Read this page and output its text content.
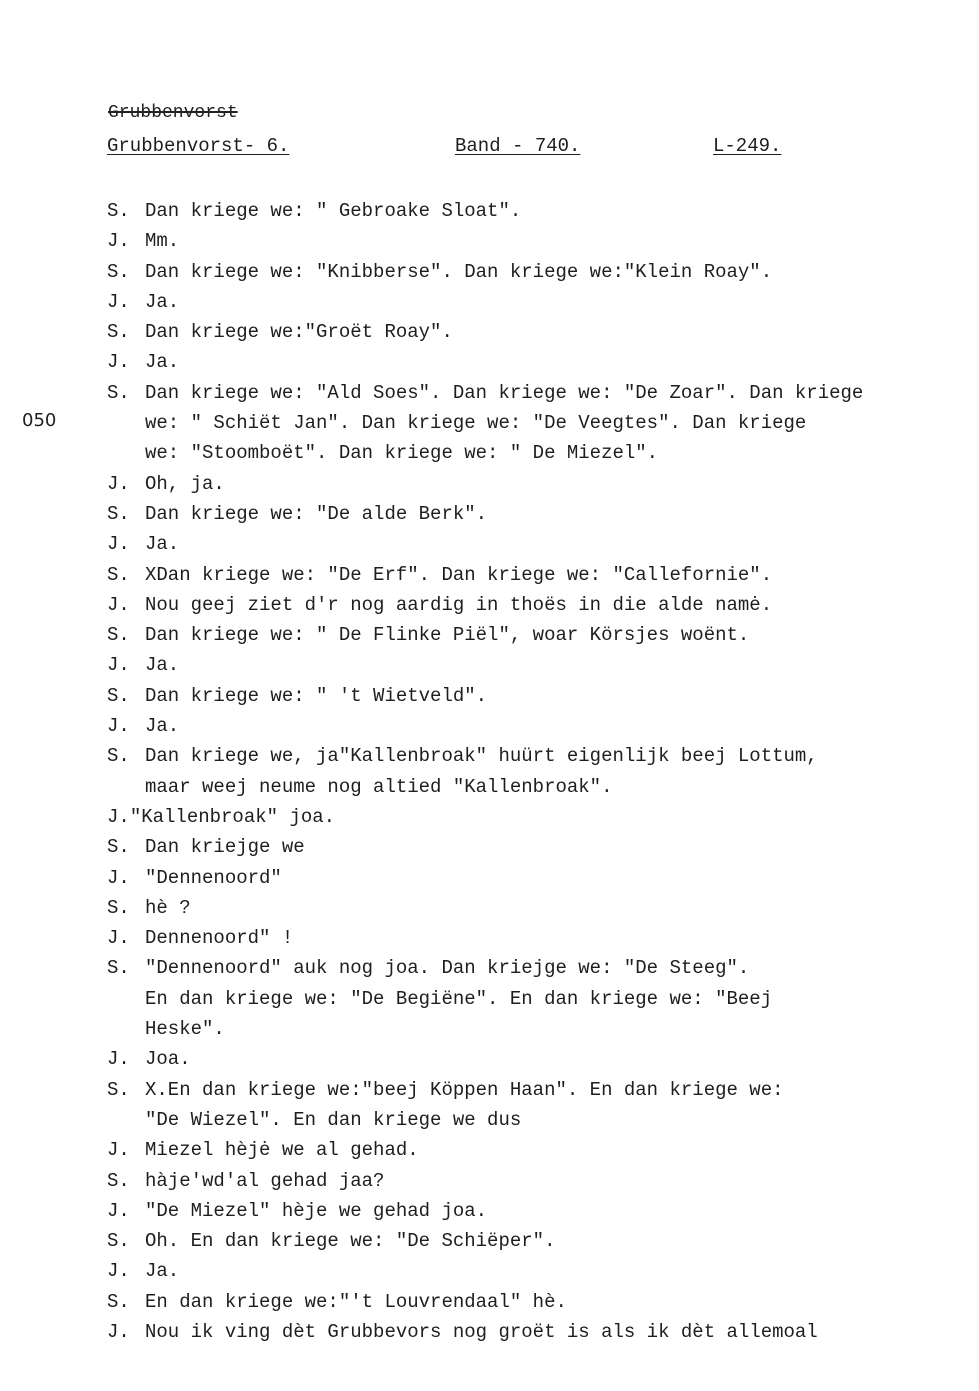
Grubbenvorst
Grubbenvorst- 6.	Band - 740.	L-249.
050
S. Dan kriege we: " Gebroake Sloat".
J. Mm.
S. Dan kriege we: "Knibberse". Dan kriege we:"Klein Roay".
J. Ja.
S. Dan kriege we:"Groët Roay".
J. Ja.
S. Dan kriege we: "Ald Soes". Dan kriege we: "De Zoar". Dan kriege
we: " Schiët Jan". Dan kriege we: "De Veegtes". Dan kriege
we: "Stoomboët". Dan kriege we: " De Miezel".
J. Oh, ja.
S. Dan kriege we: "De alde Berk".
J. Ja.
S. XDan kriege we: "De Erf". Dan kriege we: "Callefornie".
J. Nou geej ziet d'r nog aardig in thoës in die alde namė.
S. Dan kriege we: " De Flinke Piël", woar Körsjes woënt.
J. Ja.
S. Dan kriege we: " 't Wietveld".
J. Ja.
S. Dan kriege we, ja"Kallenbroak" huürt eigenlijk beej Lottum,
maar weej neume nog altied "Kallenbroak".
J. "Kallenbroak" joa.
S. Dan kriejge we
J. "Dennenoord"
S. hè ?
J. Dennenoord" !
S. "Dennenoord" auk nog joa. Dan kriejge we: "De Steeg".
En dan kriege we: "De Begiëne". En dan kriege we: "Beej
Heske".
J. Joa.
S. X.En dan kriege we:"beej Köppen Haan". En dan kriege we:
"De Wiezel". En dan kriege we dus
J. Miezel hèjė we al gehad.
S. hàje'wd'al gehad jaa?
J. "De Miezel" hèje we gehad joa.
S. Oh. En dan kriege we: "De Schiëper".
J. Ja.
S. En dan kriege we:"'t Louvrendaal" hè.
J. Nou ik ving dèt Grubbevors nog groët is als ik dèt allemoal
